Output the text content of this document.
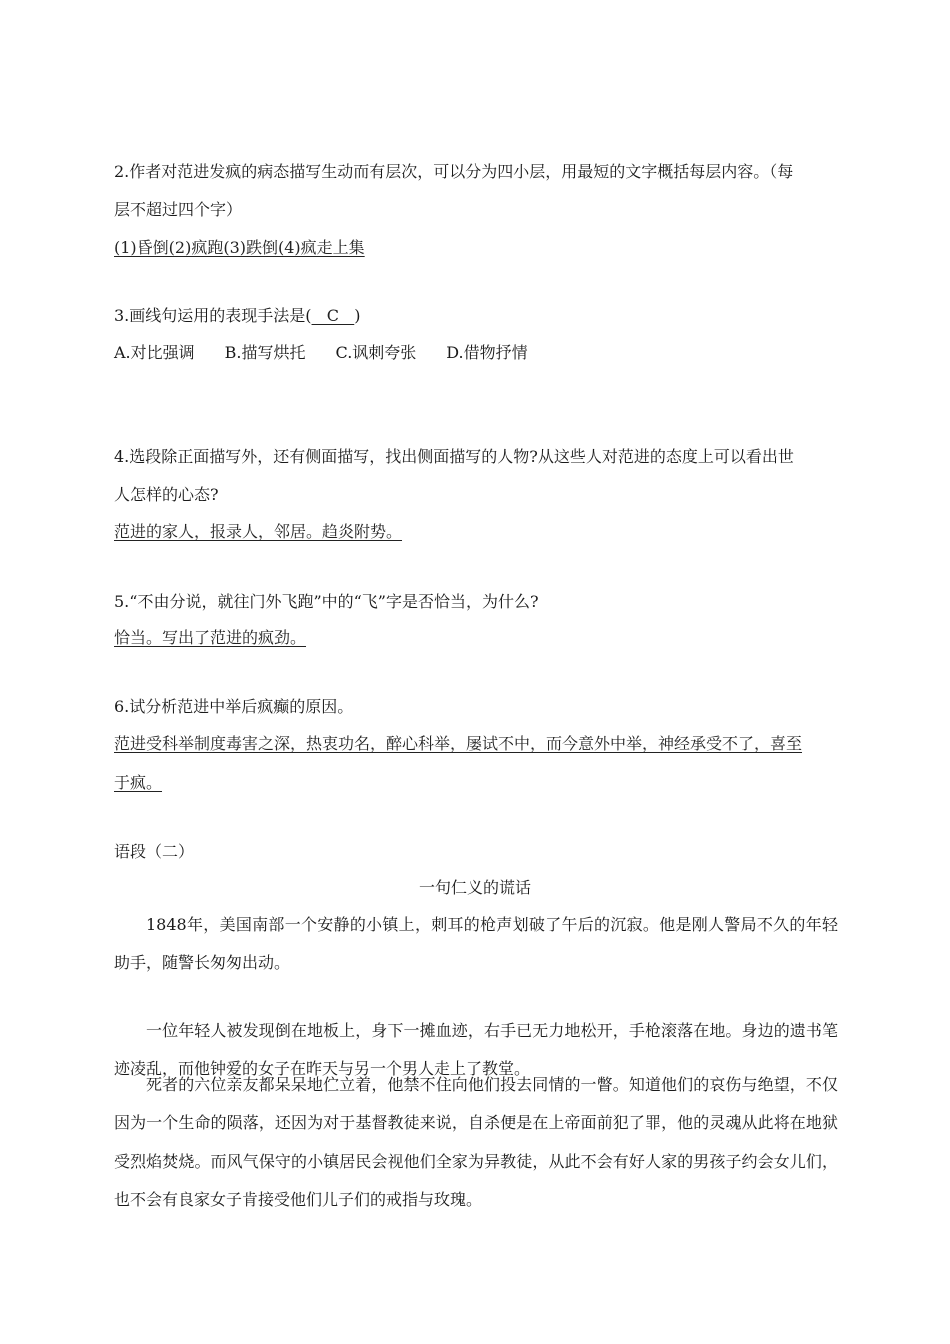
2.作者对范进发疯的病态描写生动而有层次，可以分为四小层，用最短的文字概括每层内容。（每
层不超过四个字）
(1)昏倒(2)疯跑(3)跌倒(4)疯走上集
3.画线句运用的表现手法是(   C   )
A.对比强调 B.描写烘托 C.讽刺夸张 D.借物抒情
4.选段除正面描写外，还有侧面描写，找出侧面描写的人物?从这些人对范进的态度上可以看出世
人怎样的心态?
范进的家人，报录人，邻居。趋炎附势。
5.“不由分说，就往门外飞跑”中的“飞”字是否恰当，为什么?
恰当。写出了范进的疯劲。
6.试分析范进中举后疯癫的原因。
范进受科举制度毒害之深，热衷功名，醉心科举，屡试不中，而今意外中举，神经承受不了，喜至
于疯。
语段（二）
一句仁义的谎话
1848年，美国南部一个安静的小镇上，刺耳的枪声划破了午后的沉寂。他是刚人警局不久的年轻助手，随警长匆匆出动。
一位年轻人被发现倒在地板上，身下一摊血迹，右手已无力地松开，手枪滚落在地。身边的遗书笔迹凌乱，而他钟爱的女子在昨天与另一个男人走上了教堂。
死者的六位亲友都呆呆地伫立着，他禁不住向他们投去同情的一瞥。知道他们的哀伤与绝望，不仅因为一个生命的陨落，还因为对于基督教徒来说，自杀便是在上帝面前犯了罪，他的灵魂从此将在地狱受烈焰焚烧。而风气保守的小镇居民会视他们全家为异教徒，从此不会有好人家的男孩子约会女儿们，也不会有良家女子肯接受他们儿子们的戒指与玫瑰。
